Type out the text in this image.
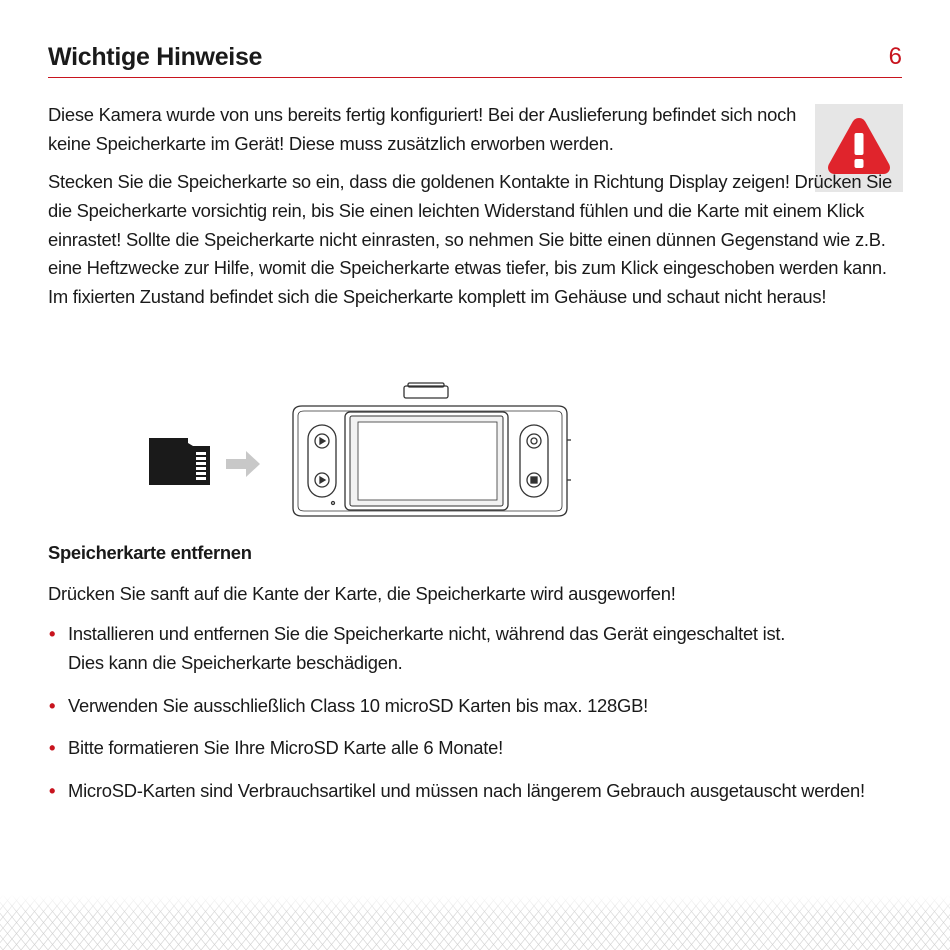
Wichtige Hinweise	6

Diese Kamera wurde von uns bereits fertig konfiguriert! Bei der Auslieferung befindet sich noch keine Speicherkarte im Gerät! Diese muss zusätzlich erworben werden.

Stecken Sie die Speicherkarte so ein, dass die goldenen Kontakte in Richtung Display zeigen! Drücken Sie die Speicherkarte vorsichtig rein, bis Sie einen leichten Widerstand fühlen und die Karte mit einem Klick einrastet! Sollte die Speicherkarte nicht einrasten, so nehmen Sie bitte einen dünnen Gegenstand wie z.B. eine Heftzwecke zur Hilfe, womit die Speicherkarte etwas tiefer, bis zum Klick eingeschoben werden kann. Im fixierten Zustand befindet sich die Speicherkarte komplett im Gehäuse und schaut nicht heraus!

Speicherkarte entfernen

Drücken Sie sanft auf die Kante der Karte, die Speicherkarte wird ausgeworfen!

• Installieren und entfernen Sie die Speicherkarte nicht, während das Gerät eingeschaltet ist.
Dies kann die Speicherkarte beschädigen.
• Verwenden Sie ausschließlich Class 10 microSD Karten bis max. 128GB!
• Bitte formatieren Sie Ihre MicroSD Karte alle 6 Monate!
• MicroSD-Karten sind Verbrauchsartikel und müssen nach längerem Gebrauch ausgetauscht werden!
